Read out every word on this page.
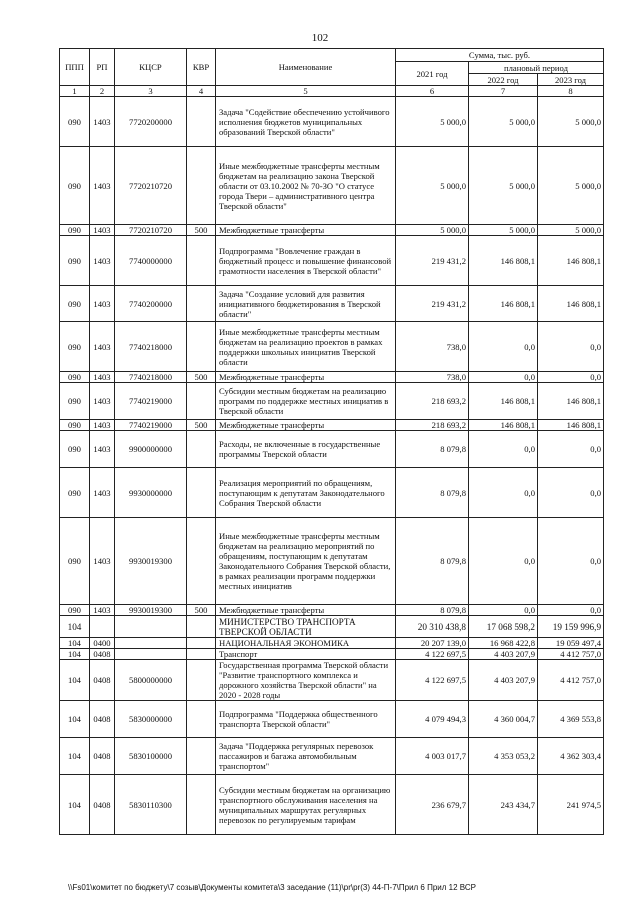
102
ППП	РП	КЦСР	КВР	Наименование	Сумма, тыс. руб.		
					2021 год	плановый период	
						2022 год	2023 год
1	2	3	4	5	6	7	8
090	1403	7720200000		Задача "Содействие обеспечению устойчивого исполнения бюджетов муниципальных образований Тверской области"	5 000,0	5 000,0	5 000,0
090	1403	7720210720		Иные межбюджетные трансферты местным бюджетам на реализацию закона Тверской области от 03.10.2002 № 70-ЗО "О статусе города Твери – административного центра Тверской области"	5 000,0	5 000,0	5 000,0
090	1403	7720210720	500	Межбюджетные трансферты	5 000,0	5 000,0	5 000,0
090	1403	7740000000		Подпрограмма "Вовлечение граждан в бюджетный процесс и повышение финансовой грамотности населения в Тверской области"	219 431,2	146 808,1	146 808,1
090	1403	7740200000		Задача "Создание условий для развития инициативного бюджетирования в Тверской области"	219 431,2	146 808,1	146 808,1
090	1403	7740218000		Иные межбюджетные трансферты местным бюджетам на реализацию проектов в рамках поддержки школьных инициатив Тверской области	738,0	0,0	0,0
090	1403	7740218000	500	Межбюджетные трансферты	738,0	0,0	0,0
090	1403	7740219000		Субсидии местным бюджетам на реализацию программ по поддержке местных инициатив в Тверской области	218 693,2	146 808,1	146 808,1
090	1403	7740219000	500	Межбюджетные трансферты	218 693,2	146 808,1	146 808,1
090	1403	9900000000		Расходы, не включенные в государственные программы Тверской области	8 079,8	0,0	0,0
090	1403	9930000000		Реализация мероприятий по обращениям, поступающим к депутатам Законодательного Собрания Тверской области	8 079,8	0,0	0,0
090	1403	9930019300		Иные межбюджетные трансферты местным бюджетам на реализацию мероприятий по обращениям, поступающим к депутатам Законодательного Собрания Тверской области, в рамках реализации программ поддержки местных инициатив	8 079,8	0,0	0,0
090	1403	9930019300	500	Межбюджетные трансферты	8 079,8	0,0	0,0
104				МИНИСТЕРСТВО ТРАНСПОРТА ТВЕРСКОЙ ОБЛАСТИ	20 310 438,8	17 068 598,2	19 159 996,9
104	0400			НАЦИОНАЛЬНАЯ ЭКОНОМИКА	20 207 139,0	16 968 422,8	19 059 497,4
104	0408			Транспорт	4 122 697,5	4 403 207,9	4 412 757,0
104	0408	5800000000		Государственная программа Тверской области "Развитие транспортного комплекса и дорожного хозяйства Тверской области" на 2020 - 2028 годы	4 122 697,5	4 403 207,9	4 412 757,0
104	0408	5830000000		Подпрограмма "Поддержка общественного транспорта Тверской области"	4 079 494,3	4 360 004,7	4 369 553,8
104	0408	5830100000		Задача "Поддержка регулярных перевозок пассажиров и багажа автомобильным транспортом"	4 003 017,7	4 353 053,2	4 362 303,4
104	0408	5830110300		Субсидии местным бюджетам на организацию транспортного обслуживания населения на муниципальных маршрутах регулярных перевозок по регулируемым тарифам	236 679,7	243 434,7	241 974,5
\\Fs01\комитет по бюджету\7 созыв\Документы комитета\3 заседание (11)\pr\pr(3) 44-П-7\Прил 6 Прил 12 ВСР
